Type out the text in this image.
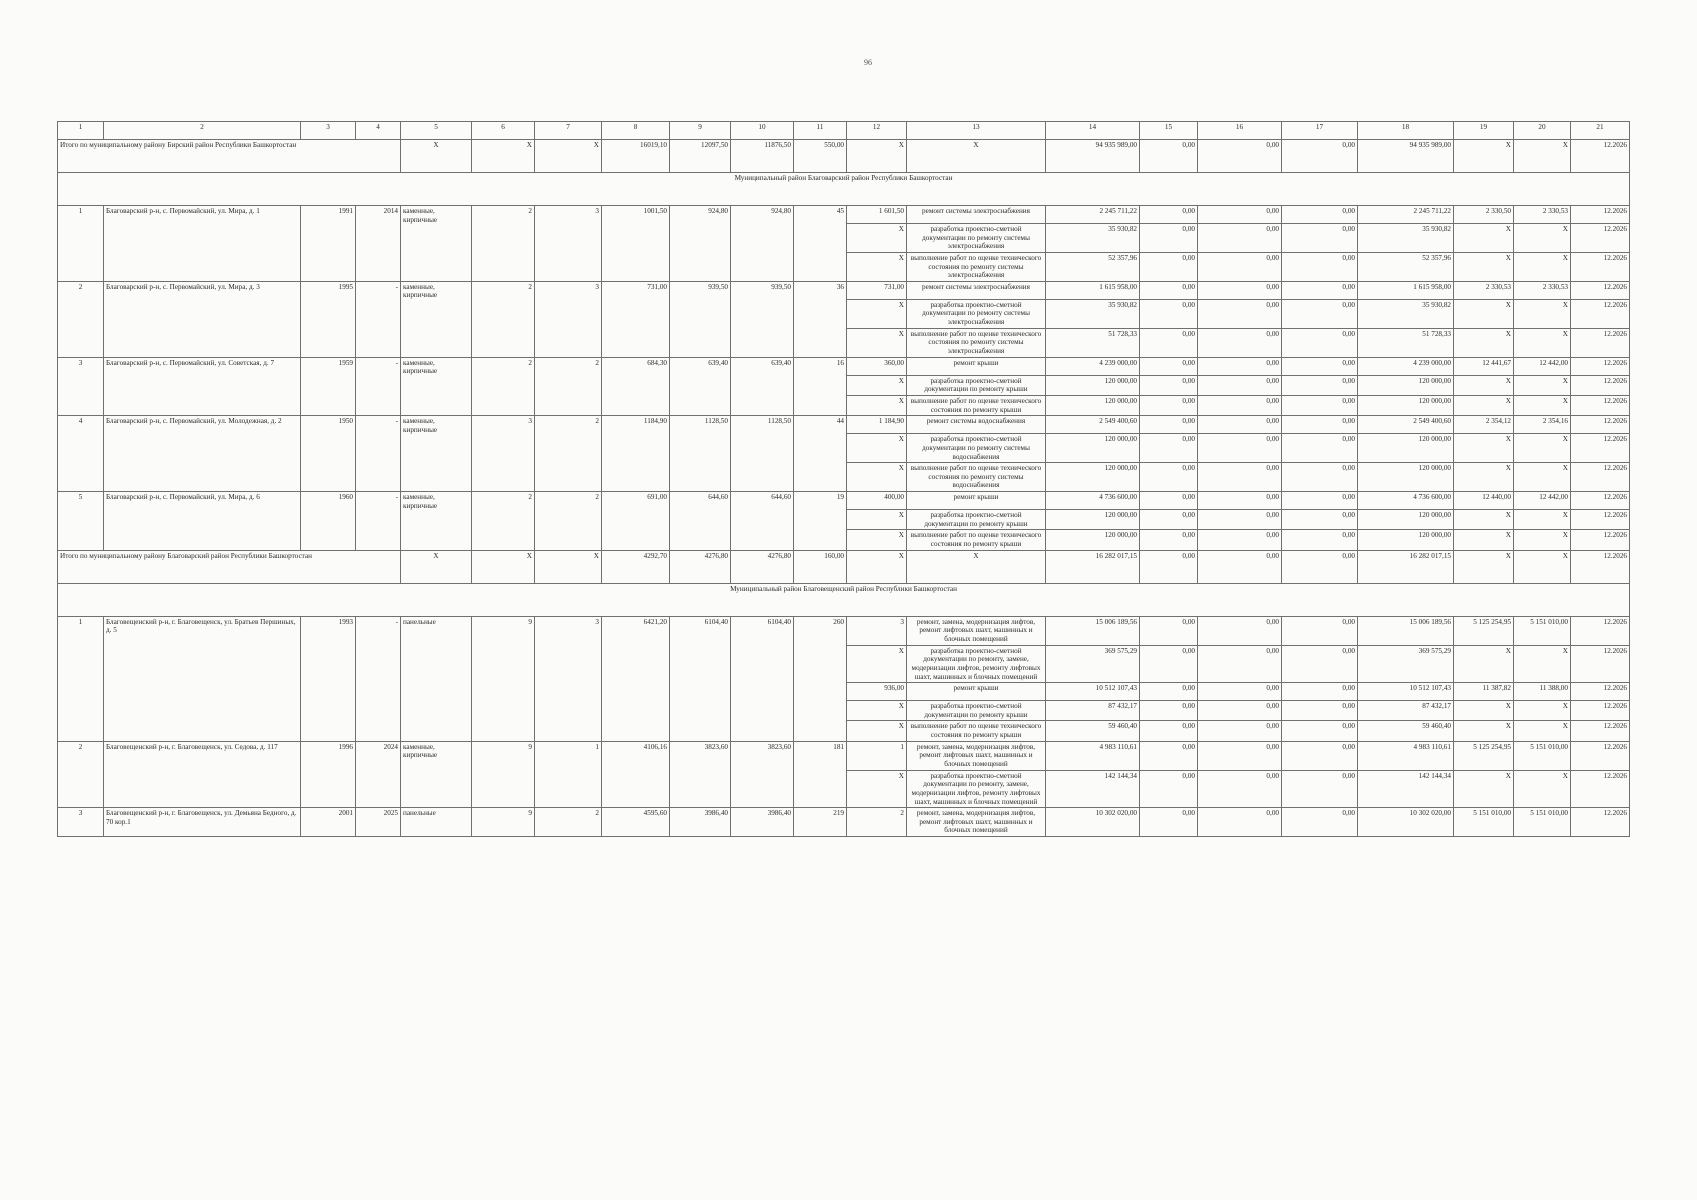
96
1	2	3	4	5	6	7	8	9	10	11	12	13	14	15	16	17	18	19	20	21
Итого по муниципальному району Бирский район Республики Башкортостан				X	X	X	16019,10	12097,50	11876,50	550,00	X	X	94 935 989,00	0,00	0,00	0,00	94 935 989,00	X	X	12.2026
Муниципальный район Благоварский район Республики Башкортостан																				
1	Благоварский р-н, с. Первомайский, ул. Мира, д. 1	1991	2014	каменные, кирпичные	2	3	1001,50	924,80	924,80	45	1 601,50	ремонт системы электроснабжения	2 245 711,22	0,00	0,00	0,00	2 245 711,22	2 330,50	2 330,53	12.2026
											X	разработка проектно-сметной документации по ремонту системы электроснабжения	35 930,82	0,00	0,00	0,00	35 930,82	X	X	12.2026
											X	выполнение работ по оценке технического состояния по ремонту системы электроснабжения	52 357,96	0,00	0,00	0,00	52 357,96	X	X	12.2026
2	Благоварский р-н, с. Первомайский, ул. Мира, д. 3	1995	-	каменные, кирпичные	2	3	731,00	939,50	939,50	36	731,00	ремонт системы электроснабжения	1 615 958,00	0,00	0,00	0,00	1 615 958,00	2 330,53	2 330,53	12.2026
											X	разработка проектно-сметной документации по ремонту системы электроснабжения	35 930,82	0,00	0,00	0,00	35 930,82	X	X	12.2026
											X	выполнение работ по оценке технического состояния по ремонту системы электроснабжения	51 728,33	0,00	0,00	0,00	51 728,33	X	X	12.2026
3	Благоварский р-н, с. Первомайский, ул. Советская, д. 7	1959	-	каменные, кирпичные	2	2	684,30	639,40	639,40	16	360,00	ремонт крыши	4 239 000,00	0,00	0,00	0,00	4 239 000,00	12 441,67	12 442,00	12.2026
											X	разработка проектно-сметной документации по ремонту крыши	120 000,00	0,00	0,00	0,00	120 000,00	X	X	12.2026
											X	выполнение работ по оценке технического состояния по ремонту крыши	120 000,00	0,00	0,00	0,00	120 000,00	X	X	12.2026
4	Благоварский р-н, с. Первомайский, ул. Молодежная, д. 2	1950	-	каменные, кирпичные	3	2	1184,90	1128,50	1128,50	44	1 184,90	ремонт системы водоснабжения	2 549 400,60	0,00	0,00	0,00	2 549 400,60	2 354,12	2 354,16	12.2026
											X	разработка проектно-сметной документации по ремонту системы водоснабжения	120 000,00	0,00	0,00	0,00	120 000,00	X	X	12.2026
											X	выполнение работ по оценке технического состояния по ремонту системы водоснабжения	120 000,00	0,00	0,00	0,00	120 000,00	X	X	12.2026
5	Благоварский р-н, с. Первомайский, ул. Мира, д. 6	1960	-	каменные, кирпичные	2	2	691,00	644,60	644,60	19	400,00	ремонт крыши	4 736 600,00	0,00	0,00	0,00	4 736 600,00	12 440,00	12 442,00	12.2026
											X	разработка проектно-сметной документации по ремонту крыши	120 000,00	0,00	0,00	0,00	120 000,00	X	X	12.2026
											X	выполнение работ по оценке технического состояния по ремонту крыши	120 000,00	0,00	0,00	0,00	120 000,00	X	X	12.2026
Итого по муниципальному району Благоварский район Республики Башкортостан				X	X	X	4292,70	4276,80	4276,80	160,00	X	X	16 282 017,15	0,00	0,00	0,00	16 282 017,15	X	X	12.2026
Муниципальный район Благовещенский район Республики Башкортостан																				
1	Благовещенский р-н, г. Благовещенск, ул. Братьев Першиных, д. 5	1993	-	панельные	9	3	6421,20	6104,40	6104,40	260	3	ремонт, замена, модернизация лифтов, ремонт лифтовых шахт, машинных и блочных помещений	15 006 189,56	0,00	0,00	0,00	15 006 189,56	5 125 254,95	5 151 010,00	12.2026
											X	разработка проектно-сметной документации по ремонту, замене, модернизации лифтов, ремонту лифтовых шахт, машинных и блочных помещений	369 575,29	0,00	0,00	0,00	369 575,29	X	X	12.2026
											936,00	ремонт крыши	10 512 107,43	0,00	0,00	0,00	10 512 107,43	11 387,82	11 388,00	12.2026
											X	разработка проектно-сметной документации по ремонту крыши	87 432,17	0,00	0,00	0,00	87 432,17	X	X	12.2026
											X	выполнение работ по оценке технического состояния по ремонту крыши	59 460,40	0,00	0,00	0,00	59 460,40	X	X	12.2026
2	Благовещенский р-н, г. Благовещенск, ул. Седова, д. 117	1996	2024	каменные, кирпичные	9	1	4106,16	3823,60	3823,60	181	1	ремонт, замена, модернизация лифтов, ремонт лифтовых шахт, машинных и блочных помещений	4 983 110,61	0,00	0,00	0,00	4 983 110,61	5 125 254,95	5 151 010,00	12.2026
											X	разработка проектно-сметной документации по ремонту, замене, модернизации лифтов, ремонту лифтовых шахт, машинных и блочных помещений	142 144,34	0,00	0,00	0,00	142 144,34	X	X	12.2026
3	Благовещенский р-н, г. Благовещенск, ул. Демьяна Бедного, д. 70 кор.1	2001	2025	панельные	9	2	4595,60	3986,40	3986,40	219	2	ремонт, замена, модернизация лифтов, ремонт лифтовых шахт, машинных и блочных помещений	10 302 020,00	0,00	0,00	0,00	10 302 020,00	5 151 010,00	5 151 010,00	12.2026
